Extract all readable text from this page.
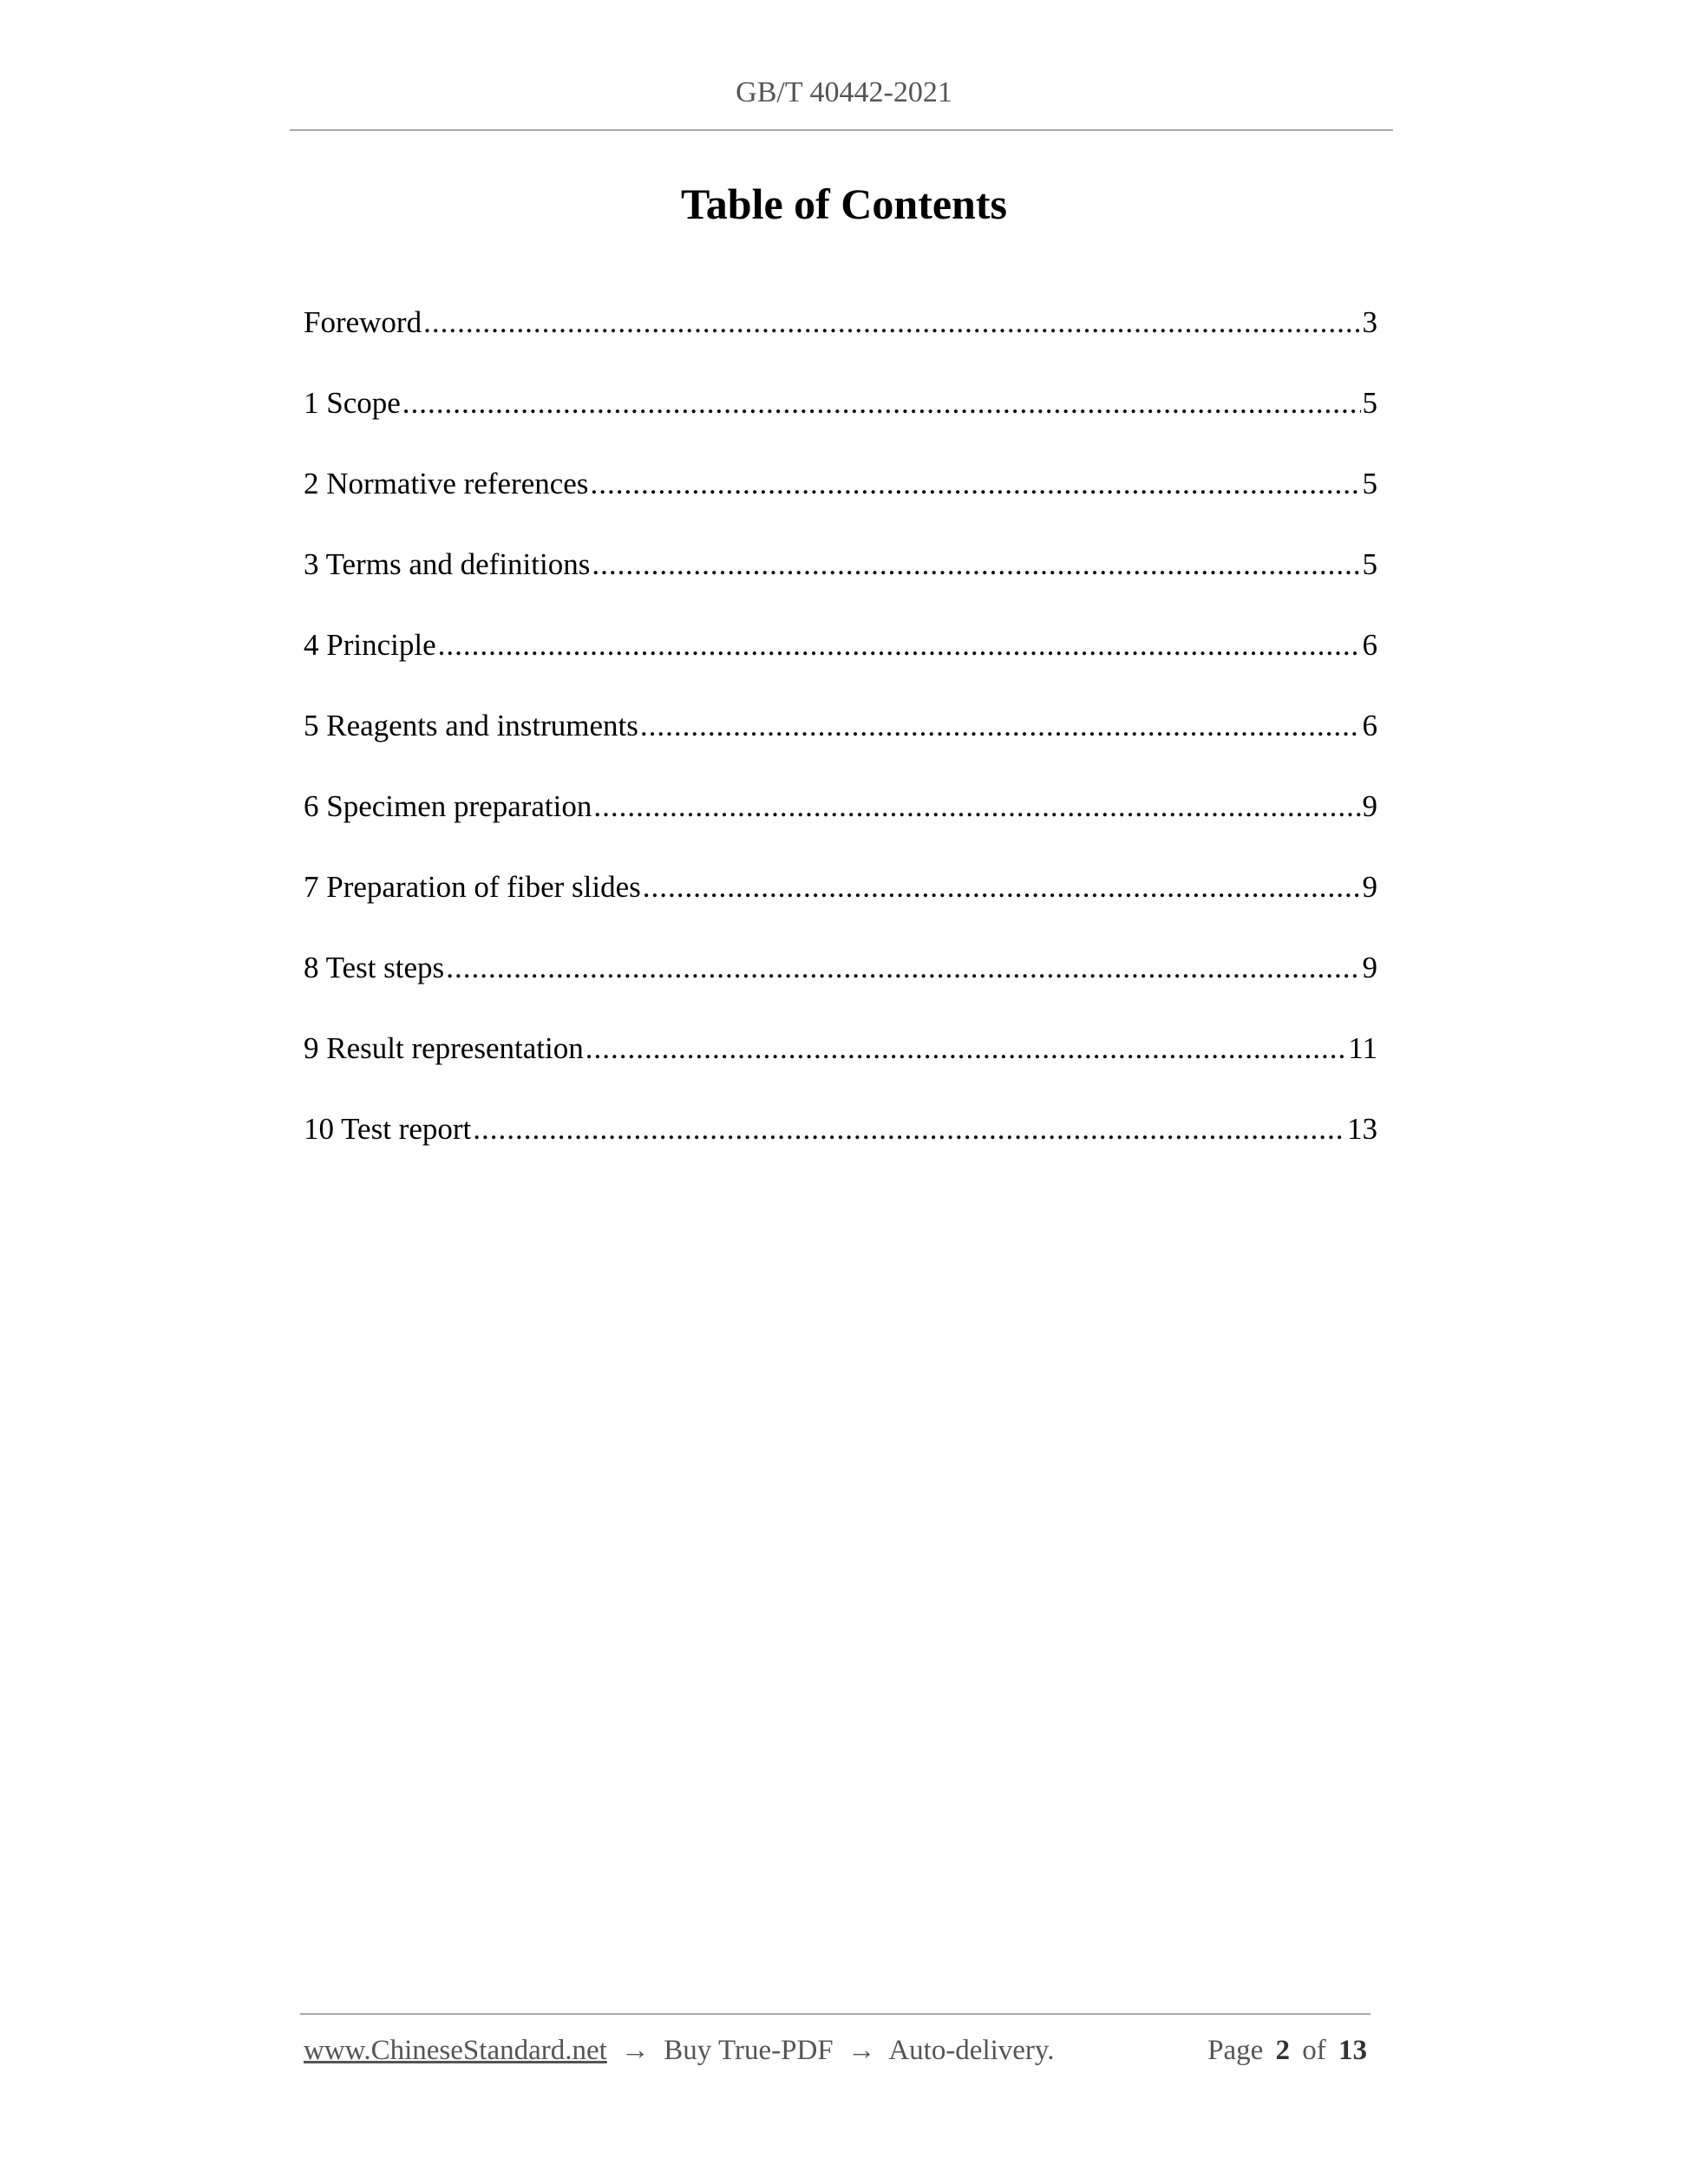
GB/T 40442-2021
Table of Contents
Foreword .....	3
1 Scope .....	5
2 Normative references .....	5
3 Terms and definitions .....	5
4 Principle .....	6
5 Reagents and instruments .....	6
6 Specimen preparation .....	9
7 Preparation of fiber slides .....	9
8 Test steps .....	9
9 Result representation .....	11
10 Test report .....	13
www.ChineseStandard.net → Buy True-PDF → Auto-delivery.	Page 2 of 13
